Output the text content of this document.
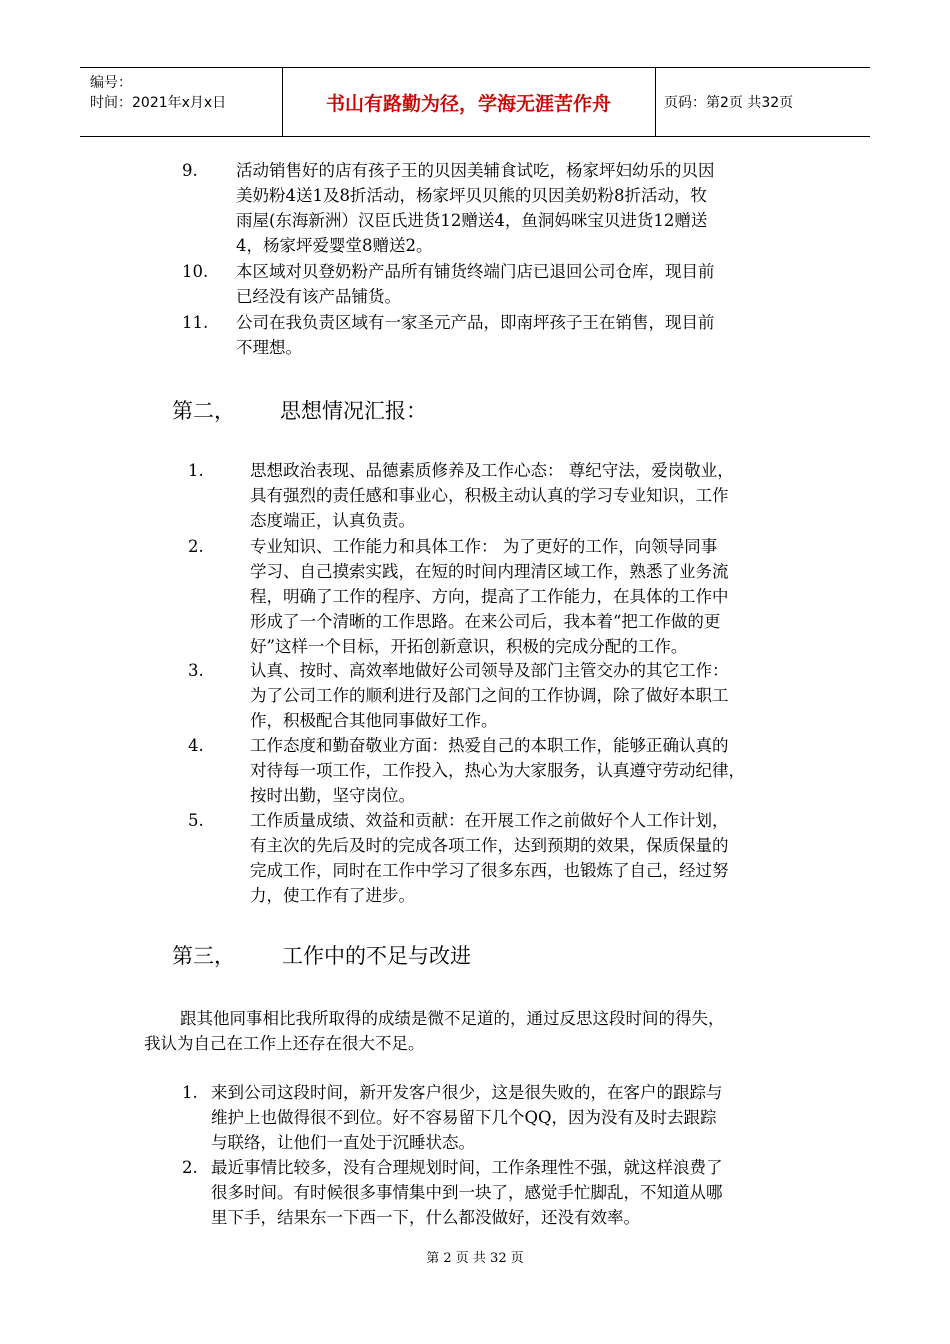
编号：
时间：2021年x月x日	书山有路勤为径，学海无涯苦作舟	页码：第2页 共32页
9. 活动销售好的店有孩子王的贝因美辅食试吃，杨家坪妇幼乐的贝因
美奶粉4送1及8折活动，杨家坪贝贝熊的贝因美奶粉8折活动，牧
雨屋(东海新洲）汉臣氏进货12赠送4，鱼洞妈咪宝贝进货12赠送
4，杨家坪爱婴堂8赠送2。
10. 本区域对贝登奶粉产品所有铺货终端门店已退回公司仓库，现目前
已经没有该产品铺货。
11. 公司在我负责区域有一家圣元产品，即南坪孩子王在销售，现目前
不理想。
第二， 思想情况汇报：
1.	思想政治表现、品德素质修养及工作心态： 尊纪守法，爱岗敬业，
具有强烈的责任感和事业心，积极主动认真的学习专业知识，工作
态度端正，认真负责。
2.	专业知识、工作能力和具体工作： 为了更好的工作，向领导同事
学习、自己摸索实践，在短的时间内理清区域工作，熟悉了业务流
程，明确了工作的程序、方向，提高了工作能力，在具体的工作中
形成了一个清晰的工作思路。在来公司后，我本着“把工作做的更
好”这样一个目标，开拓创新意识，积极的完成分配的工作。
3.	认真、按时、高效率地做好公司领导及部门主管交办的其它工作：
为了公司工作的顺利进行及部门之间的工作协调，除了做好本职工
作，积极配合其他同事做好工作。
4.	工作态度和勤奋敬业方面：热爱自己的本职工作，能够正确认真的
对待每一项工作，工作投入，热心为大家服务，认真遵守劳动纪律，
按时出勤，坚守岗位。
5.	工作质量成绩、效益和贡献：在开展工作之前做好个人工作计划，
有主次的先后及时的完成各项工作，达到预期的效果，保质保量的
完成工作，同时在工作中学习了很多东西，也锻炼了自己，经过努
力，使工作有了进步。
第三， 工作中的不足与改进
跟其他同事相比我所取得的成绩是微不足道的，通过反思这段时间的得失，
我认为自己在工作上还存在很大不足。
1. 来到公司这段时间，新开发客户很少，这是很失败的，在客户的跟踪与
维护上也做得很不到位。好不容易留下几个QQ，因为没有及时去跟踪
与联络，让他们一直处于沉睡状态。
2. 最近事情比较多，没有合理规划时间，工作条理性不强，就这样浪费了
很多时间。有时候很多事情集中到一块了，感觉手忙脚乱，不知道从哪
里下手，结果东一下西一下，什么都没做好，还没有效率。
第 2 页 共 32 页
